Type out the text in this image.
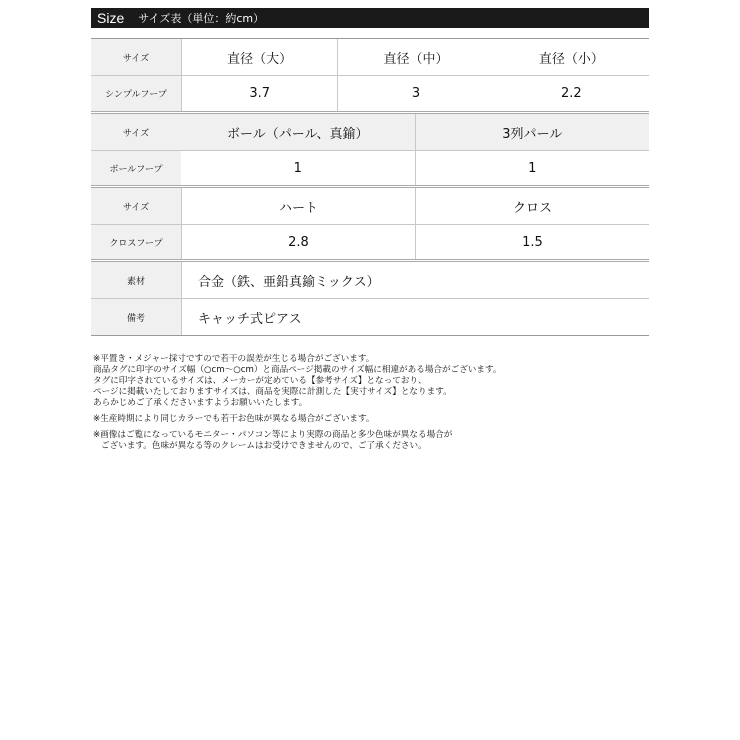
Size サイズ表（単位：約cm）
サイズ	直径（大）	直径（中）	直径（小）
シンプルフープ	3.7	3	2.2
サイズ	ボール（パール、真鍮）	3列パール
ボールフープ	1	1
サイズ	ハート	クロス
クロスフープ	2.8	1.5
素材	合金（鉄、亜鉛真鍮ミックス）
備考	キャッチ式ピアス

※平置き・メジャー採寸ですので若干の誤差が生じる場合がございます。

商品タグに印字のサイズ幅（○cm～○cm）と商品ページ掲載のサイズ幅に相違がある場合がございます。

タグに印字されているサイズは、メーカーが定めている【参考サイズ】となっており、

ページに掲載いたしておりますサイズは、商品を実際に計測した【実寸サイズ】となります。

あらかじめご了承くださいますようお願いいたします。

※生産時期により同じカラーでも若干お色味が異なる場合がございます。

※画像はご覧になっているモニター・パソコン等により実際の商品と多少色味が異なる場合が

ございます。色味が異なる等のクレームはお受けできませんので、ご了承ください。
